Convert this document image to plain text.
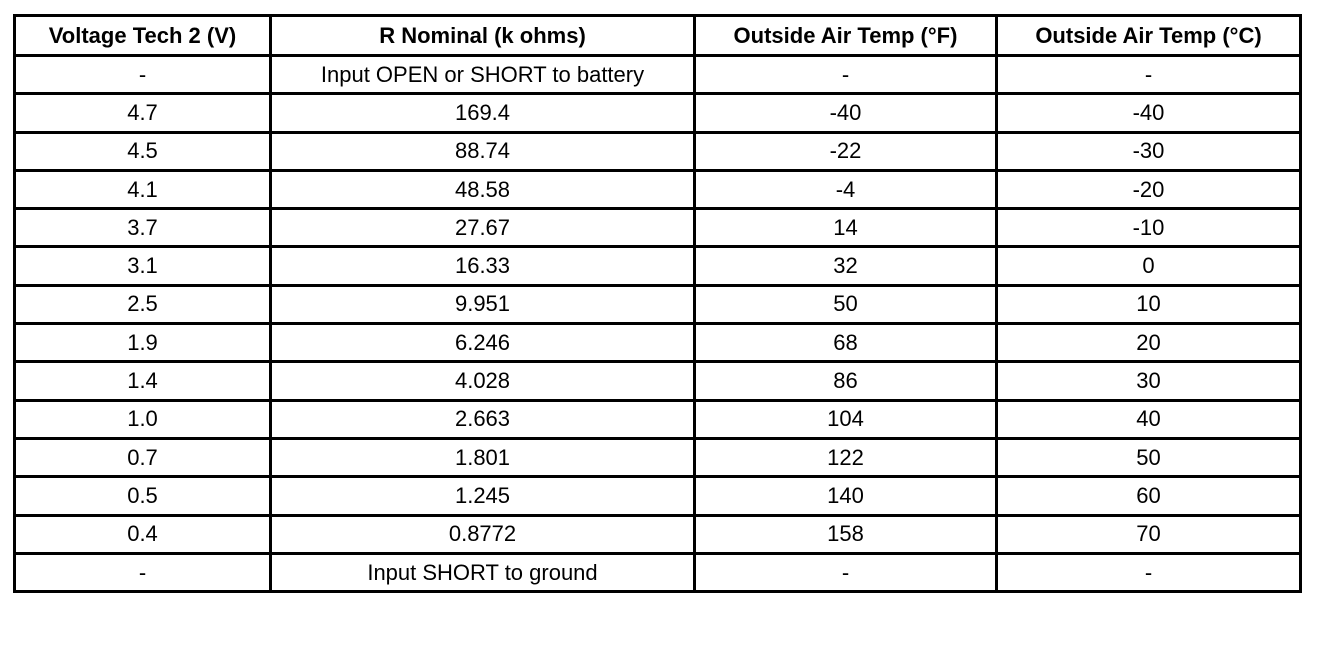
Voltage Tech 2 (V)	R Nominal (k ohms)	Outside Air Temp (°F)	Outside Air Temp (°C)
-	Input OPEN or SHORT to battery	-	-
4.7	169.4	-40	-40
4.5	88.74	-22	-30
4.1	48.58	-4	-20
3.7	27.67	14	-10
3.1	16.33	32	0
2.5	9.951	50	10
1.9	6.246	68	20
1.4	4.028	86	30
1.0	2.663	104	40
0.7	1.801	122	50
0.5	1.245	140	60
0.4	0.8772	158	70
-	Input SHORT to ground	-	-
